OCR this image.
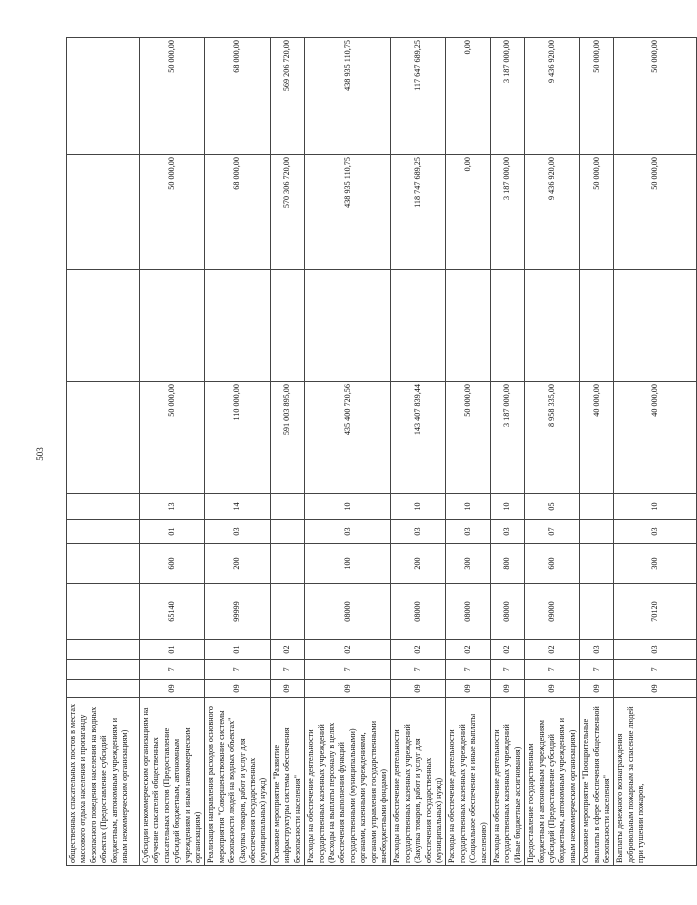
503
общественных спасательных постов в местах массового отдыха населения и пропаганду безопасного поведения населения на водных объектах (Предоставление субсидий бюджетным, автономным учреждениям и иным некоммерческим организациям)											
Субсидии некоммерческим организациям на обучение спасателей общественных спасательных постов (Предоставление субсидий бюджетным, автономным учреждениям и иным некоммерческим организациям)	09	7	01	65140	600	01	13	50 000,00		50 000,00	50 000,00
Реализация направления расходов основного мероприятия "Совершенствование системы безопасности людей на водных объектах" (Закупка товаров, работ и услуг для обеспечения государственных (муниципальных) нужд)	09	7	01	99999	200	03	14	110 000,00		68 000,00	68 000,00
Основное мероприятие "Развитие инфраструктуры системы обеспечения безопасности населения"	09	7	02					591 003 895,00		570 306 720,00	569 206 720,00
Расходы на обеспечение деятельности государственных казенных учреждений (Расходы на выплаты персоналу в целях обеспечения выполнения функций государственными (муниципальными) органами, казенными учреждениями, органами управления государственными внебюджетными фондами)	09	7	02	08000	100	03	10	435 400 720,56		438 935 110,75	438 935 110,75
Расходы на обеспечение деятельности государственных казенных учреждений (Закупка товаров, работ и услуг для обеспечения государственных (муниципальных) нужд)	09	7	02	08000	200	03	10	143 407 839,44		118 747 689,25	117 647 689,25
Расходы на обеспечение деятельности государственных казенных учреждений (Социальное обеспечение и иные выплаты населению)	09	7	02	08000	300	03	10	50 000,00		0,00	0,00
Расходы на обеспечение деятельности государственных казенных учреждений (Иные бюджетные ассигнования)	09	7	02	08000	800	03	10	3 187 000,00		3 187 000,00	3 187 000,00
Предоставление государственным бюджетным и автономным учреждениям субсидий (Предоставление субсидий бюджетным, автономным учреждениям и иным некоммерческим организациям)	09	7	02	09000	600	07	05	8 958 335,00		9 436 920,00	9 436 920,00
Основное мероприятие "Поощрительные выплаты в сфере обеспечения общественной безопасности населения"	09	7	03					40 000,00		50 000,00	50 000,00
Выплаты денежного вознаграждения добровольным пожарным за спасение людей при тушении пожаров,	09	7	03	70120	300	03	10	40 000,00		50 000,00	50 000,00
